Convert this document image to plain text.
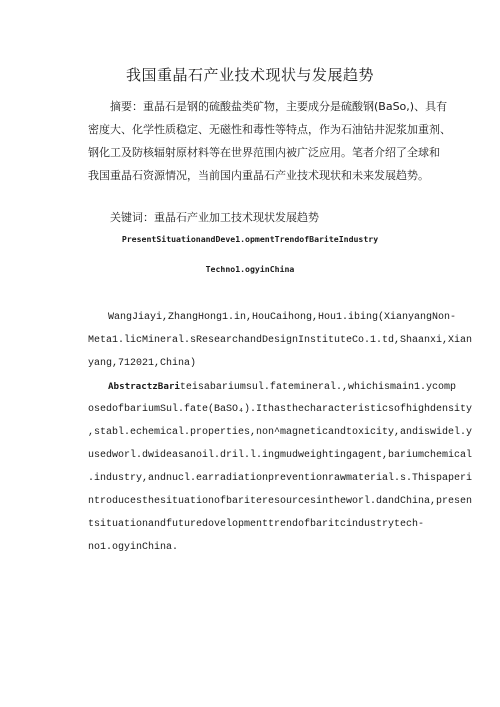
我国重晶石产业技术现状与发展趋势
　　摘要：重晶石是钢的硫酸盐类矿物，主要成分是硫酸钢(BaSo,)、具有
密度大、化学性质稳定、无磁性和毒性等特点，作为石油钻井泥浆加重剂、
钢化工及防核辐射原材料等在世界范围内被广泛应用。笔者介绍了全球和
我国重晶石资源情况，当前国内重晶石产业技术现状和未来发展趋势。
　　关键词：重晶石产业加工技术现状发展趋势
PresentSituationandDeve1.opmentTrendofBariteIndustry
Techno1.ogyinChina
　　WangJiayi,ZhangHong1.in,HouCaihong,Hou1.ibing(XianyangNon-
Meta1.licMineral.sResearchandDesignInstituteCo.1.td,Shaanxi,Xian
yang,712021,China)
　　AbstractzBariteisabariumsul.fatemineral.,whichismain1.ycomp
osedofbariumSul.fate(BaSO₄).Ithasthecharacteristicsofhighdensity
,stabl.echemical.properties,non^magneticandtoxicity,andiswidel.y
usedworl.dwideasanoil.dril.l.ingmudweightingagent,bariumchemical
.industry,andnucl.earradiationpreventionrawmaterial.s.Thispaperi
ntroducesthesituationofbariteresourcesintheworl.dandChina,presen
tsituationandfuturedovelopmenttrendofbaritcindustrytech-
no1.ogyinChina.
